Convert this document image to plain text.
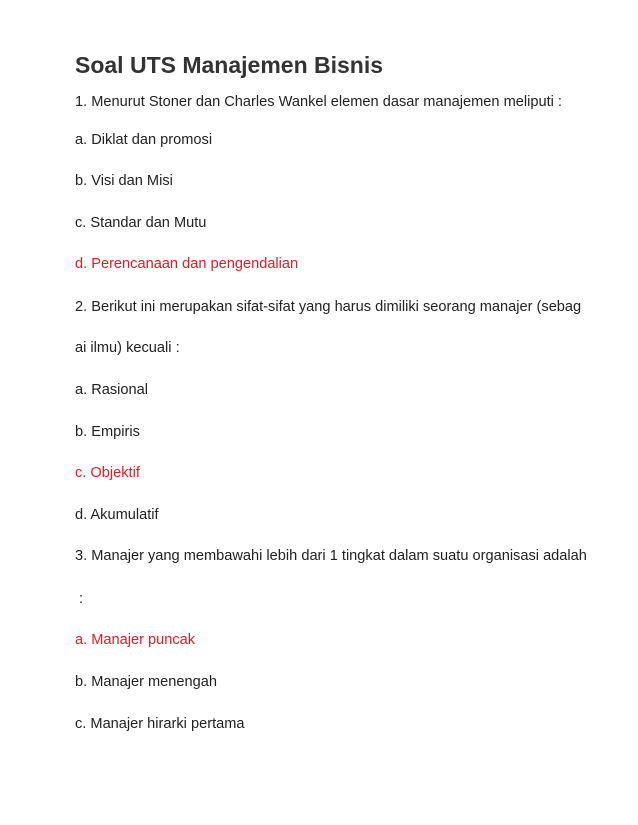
Soal UTS Manajemen Bisnis

1. Menurut Stoner dan Charles Wankel elemen dasar manajemen meliputi :

a. Diklat dan promosi

b. Visi dan Misi

c. Standar dan Mutu

d. Perencanaan dan pengendalian

2. Berikut ini merupakan sifat-sifat yang harus dimiliki seorang manajer (sebag

ai ilmu) kecuali :

a. Rasional

b. Empiris

c. Objektif

d. Akumulatif

3. Manajer yang membawahi lebih dari 1 tingkat dalam suatu organisasi adalah

:

a. Manajer puncak

b. Manajer menengah

c. Manajer hirarki pertama
